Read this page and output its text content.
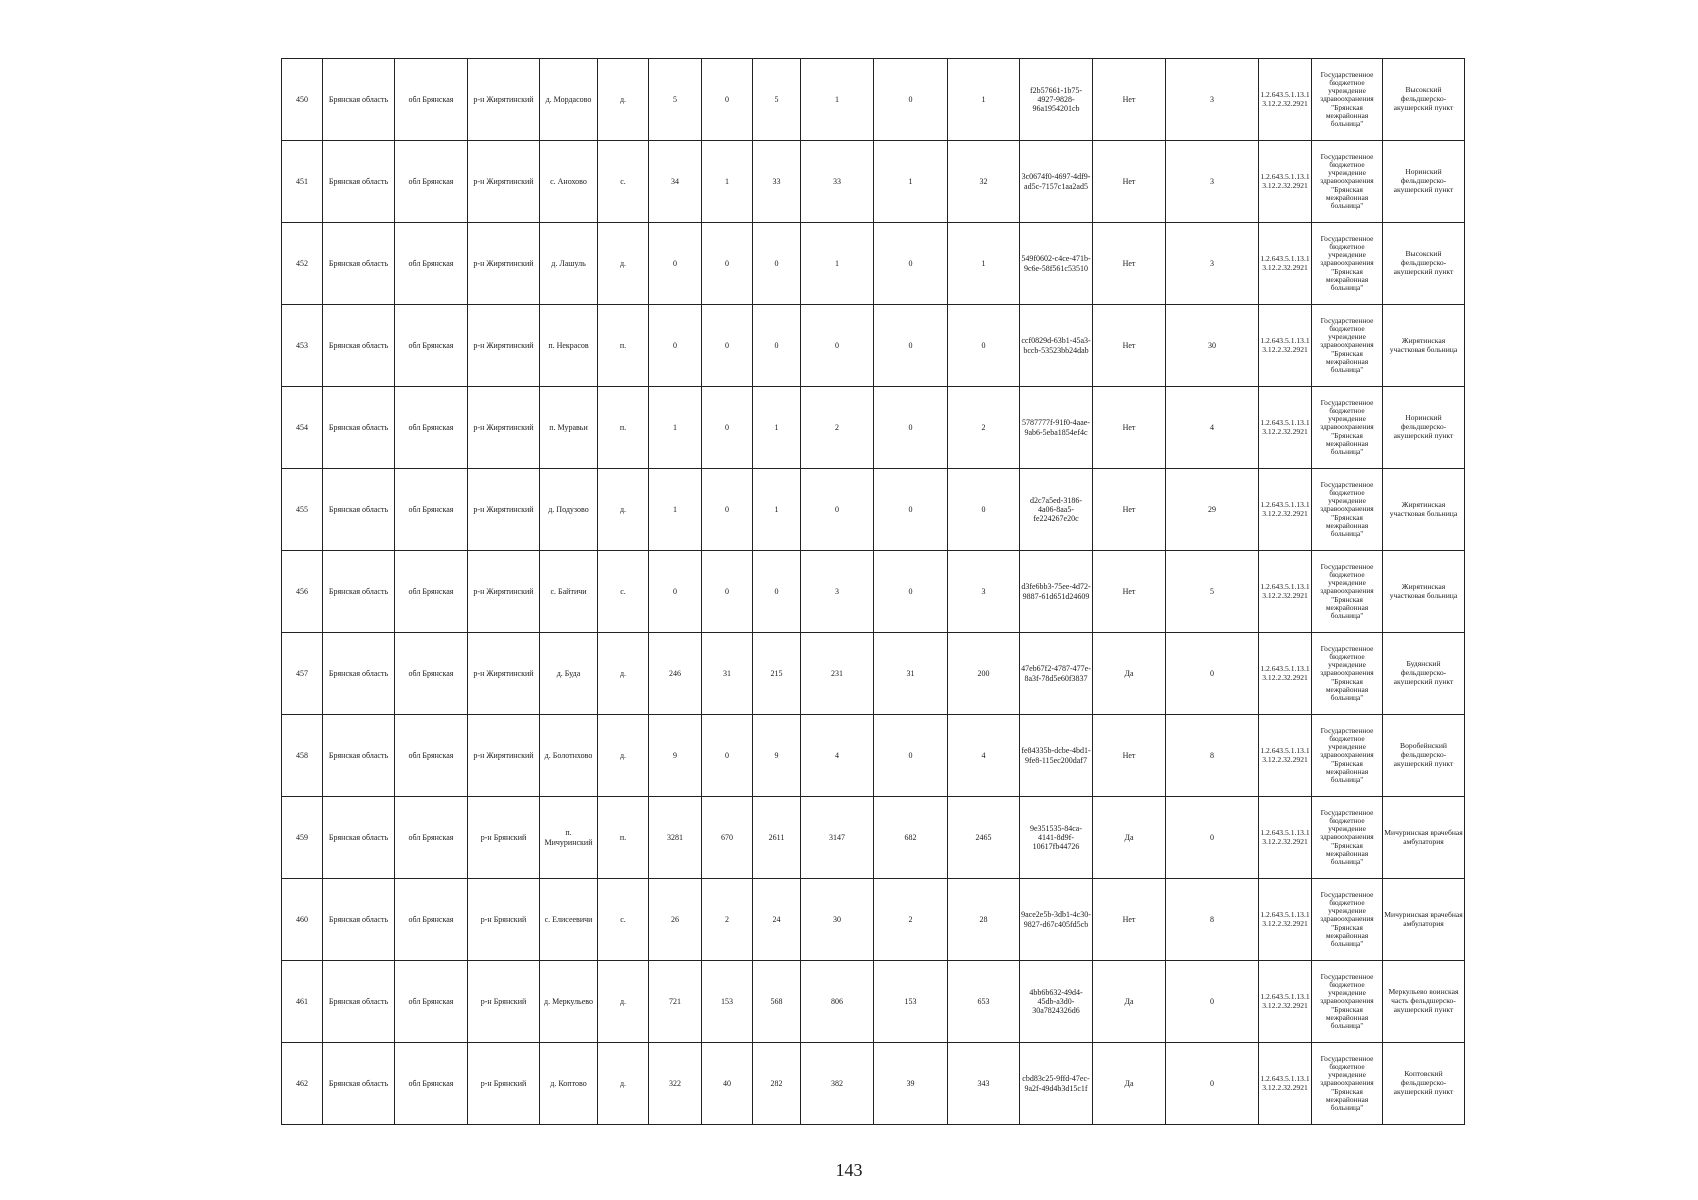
450	Брянская область	обл Брянская	р-н Жирятинский	д. Мордасово	д.	5	0	5	1	0	1	f2b57661-1b75-4927-9828-96a1954201cb	Нет	3	1.2.643.5.1.13.13.12.2.32.2921	Государственное бюджетное учреждение здравоохранения "Брянская межрайонная больница"	Высокский фельдшерско-акушерский пункт
451	Брянская область	обл Брянская	р-н Жирятинский	с. Анохово	с.	34	1	33	33	1	32	3c0674f0-4697-4df9-ad5c-7157c1aa2ad5	Нет	3	1.2.643.5.1.13.13.12.2.32.2921	Государственное бюджетное учреждение здравоохранения "Брянская межрайонная больница"	Норинский фельдшерско-акушерский пункт
452	Брянская область	обл Брянская	р-н Жирятинский	д. Лашуль	д.	0	0	0	1	0	1	549f0602-c4ce-471b-9c6e-58f561c53510	Нет	3	1.2.643.5.1.13.13.12.2.32.2921	Государственное бюджетное учреждение здравоохранения "Брянская межрайонная больница"	Высокский фельдшерско-акушерский пункт
453	Брянская область	обл Брянская	р-н Жирятинский	п. Некрасов	п.	0	0	0	0	0	0	ccf0829d-63b1-45a3-bccb-53523bb24dab	Нет	30	1.2.643.5.1.13.13.12.2.32.2921	Государственное бюджетное учреждение здравоохранения "Брянская межрайонная больница"	Жирятинская участковая больница
454	Брянская область	обл Брянская	р-н Жирятинский	п. Муравьи	п.	1	0	1	2	0	2	5787777f-91f0-4aae-9ab6-5eba1854ef4c	Нет	4	1.2.643.5.1.13.13.12.2.32.2921	Государственное бюджетное учреждение здравоохранения "Брянская межрайонная больница"	Норинский фельдшерско-акушерский пункт
455	Брянская область	обл Брянская	р-н Жирятинский	д. Подузово	д.	1	0	1	0	0	0	d2c7a5ed-3186-4a06-8aa5-fe224267e20c	Нет	29	1.2.643.5.1.13.13.12.2.32.2921	Государственное бюджетное учреждение здравоохранения "Брянская межрайонная больница"	Жирятинская участковая больница
456	Брянская область	обл Брянская	р-н Жирятинский	с. Байтичи	с.	0	0	0	3	0	3	d3fe6bb3-75ee-4d72-9887-61d651d24609	Нет	5	1.2.643.5.1.13.13.12.2.32.2921	Государственное бюджетное учреждение здравоохранения "Брянская межрайонная больница"	Жирятинская участковая больница
457	Брянская область	обл Брянская	р-н Жирятинский	д. Буда	д.	246	31	215	231	31	200	47eb67f2-4787-477e-8a3f-78d5e60f3837	Да	0	1.2.643.5.1.13.13.12.2.32.2921	Государственное бюджетное учреждение здравоохранения "Брянская межрайонная больница"	Будянский фельдшерско-акушерский пункт
458	Брянская область	обл Брянская	р-н Жирятинский	д. Болотнхово	д.	9	0	9	4	0	4	fe84335b-dcbe-4bd1-9fe8-115ec200daf7	Нет	8	1.2.643.5.1.13.13.12.2.32.2921	Государственное бюджетное учреждение здравоохранения "Брянская межрайонная больница"	Воробейнский фельдшерско-акушерский пункт
459	Брянская область	обл Брянская	р-н Брянский	п. Мичуринский	п.	3281	670	2611	3147	682	2465	9e351535-84ca-4141-8d9f-10617fb44726	Да	0	1.2.643.5.1.13.13.12.2.32.2921	Государственное бюджетное учреждение здравоохранения "Брянская межрайонная больница"	Мичуринская врачебная амбулатория
460	Брянская область	обл Брянская	р-н Брянский	с. Елисеевичи	с.	26	2	24	30	2	28	9ace2e5b-3db1-4c30-9827-d67c405fd5cb	Нет	8	1.2.643.5.1.13.13.12.2.32.2921	Государственное бюджетное учреждение здравоохранения "Брянская межрайонная больница"	Мичуринская врачебная амбулатория
461	Брянская область	обл Брянская	р-н Брянский	д. Меркульево	д.	721	153	568	806	153	653	4bb6b632-49d4-45db-a3d0-30a7824326d6	Да	0	1.2.643.5.1.13.13.12.2.32.2921	Государственное бюджетное учреждение здравоохранения "Брянская межрайонная больница"	Меркульево воинская часть фельдшерско-акушерский пункт
462	Брянская область	обл Брянская	р-н Брянский	д. Коптово	д.	322	40	282	382	39	343	cbd83c25-9ffd-47ec-9a2f-49d4b3d15c1f	Да	0	1.2.643.5.1.13.13.12.2.32.2921	Государственное бюджетное учреждение здравоохранения "Брянская межрайонная больница"	Коптовский фельдшерско-акушерский пункт
143
